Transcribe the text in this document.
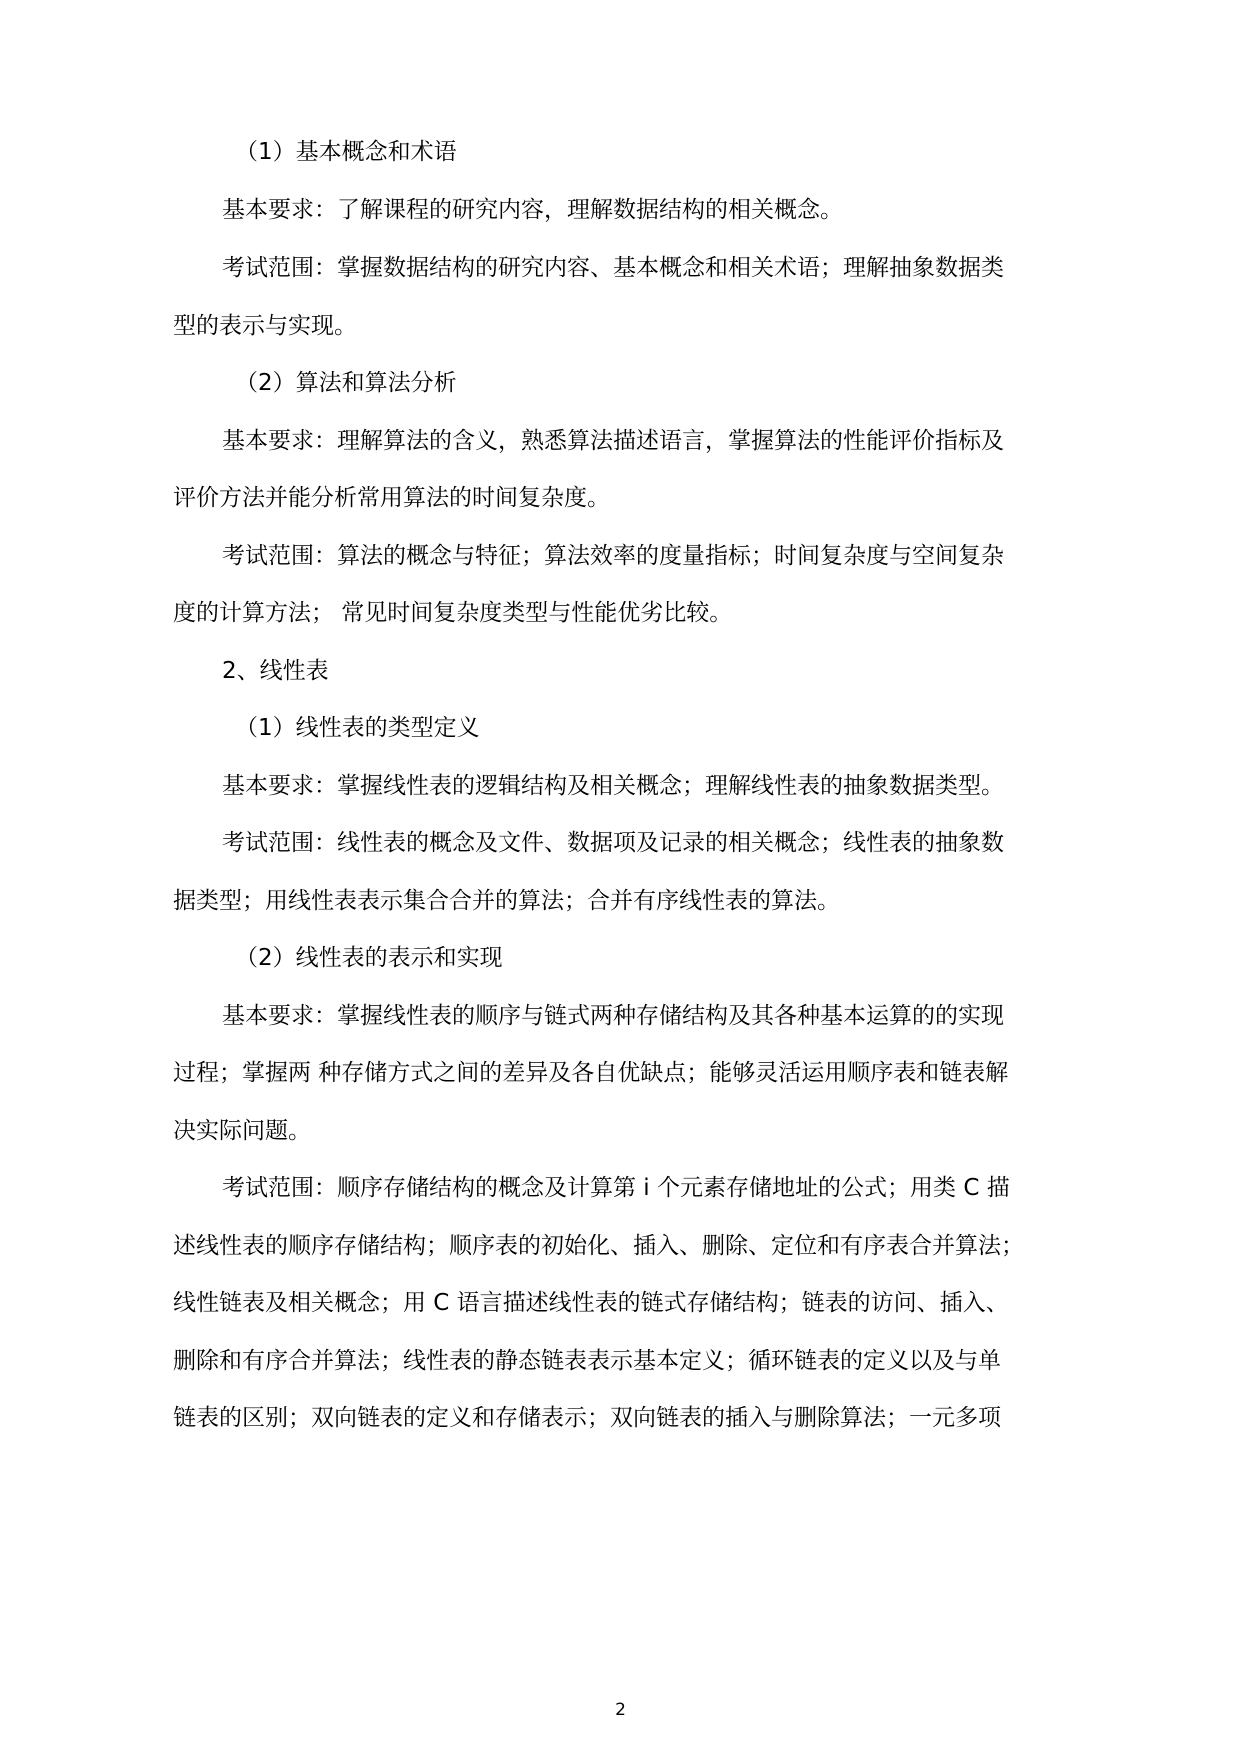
（1）基本概念和术语
基本要求：了解课程的研究内容，理解数据结构的相关概念。
考试范围：掌握数据结构的研究内容、基本概念和相关术语；理解抽象数据类
型的表示与实现。
（2）算法和算法分析
基本要求：理解算法的含义，熟悉算法描述语言，掌握算法的性能评价指标及
评价方法并能分析常用算法的时间复杂度。
考试范围：算法的概念与特征；算法效率的度量指标；时间复杂度与空间复杂
度的计算方法； 常见时间复杂度类型与性能优劣比较。
2、线性表
（1）线性表的类型定义
基本要求：掌握线性表的逻辑结构及相关概念；理解线性表的抽象数据类型。
考试范围：线性表的概念及文件、数据项及记录的相关概念；线性表的抽象数
据类型；用线性表表示集合合并的算法；合并有序线性表的算法。
（2）线性表的表示和实现
基本要求：掌握线性表的顺序与链式两种存储结构及其各种基本运算的的实现
过程；掌握两 种存储方式之间的差异及各自优缺点；能够灵活运用顺序表和链表解
决实际问题。
考试范围：顺序存储结构的概念及计算第 i 个元素存储地址的公式；用类 C 描
述线性表的顺序存储结构；顺序表的初始化、插入、删除、定位和有序表合并算法；
线性链表及相关概念；用 C 语言描述线性表的链式存储结构；链表的访问、插入、
删除和有序合并算法；线性表的静态链表表示基本定义；循环链表的定义以及与单
链表的区别；双向链表的定义和存储表示；双向链表的插入与删除算法；一元多项
2
